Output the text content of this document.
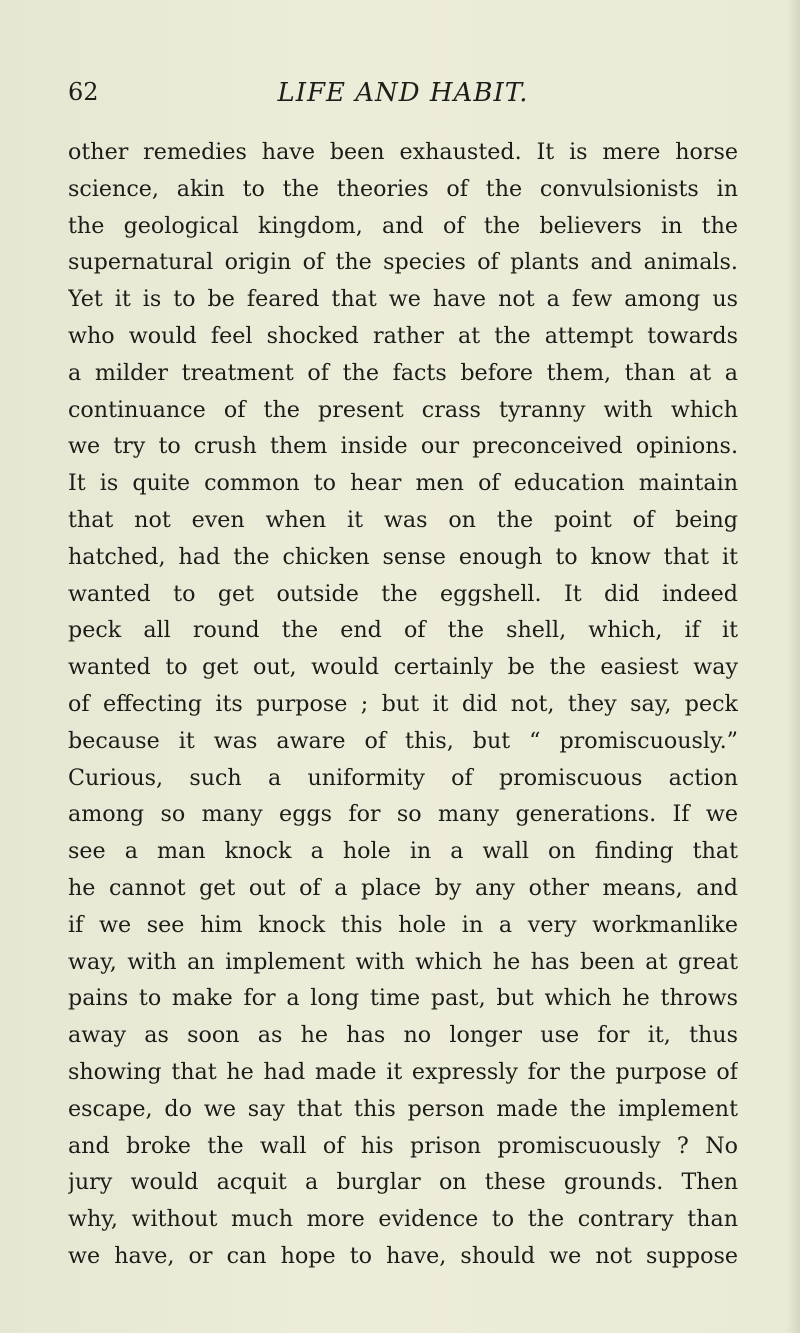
62	LIFE AND HABIT.
other remedies have been exhausted. It is mere horse
science, akin to the theories of the convulsionists in
the geological kingdom, and of the believers in the
supernatural origin of the species of plants and animals.
Yet it is to be feared that we have not a few among us
who would feel shocked rather at the attempt towards
a milder treatment of the facts before them, than at a
continuance of the present crass tyranny with which
we try to crush them inside our preconceived opinions.
It is quite common to hear men of education maintain
that not even when it was on the point of being
hatched, had the chicken sense enough to know that it
wanted to get outside the eggshell. It did indeed
peck all round the end of the shell, which, if it
wanted to get out, would certainly be the easiest way
of effecting its purpose ; but it did not, they say, peck
because it was aware of this, but “ promiscuously.”
Curious, such a uniformity of promiscuous action
among so many eggs for so many generations. If we
see a man knock a hole in a wall on finding that
he cannot get out of a place by any other means, and
if we see him knock this hole in a very workmanlike
way, with an implement with which he has been at great
pains to make for a long time past, but which he throws
away as soon as he has no longer use for it, thus
showing that he had made it expressly for the purpose of
escape, do we say that this person made the implement
and broke the wall of his prison promiscuously ? No
jury would acquit a burglar on these grounds. Then
why, without much more evidence to the contrary than
we have, or can hope to have, should we not suppose
